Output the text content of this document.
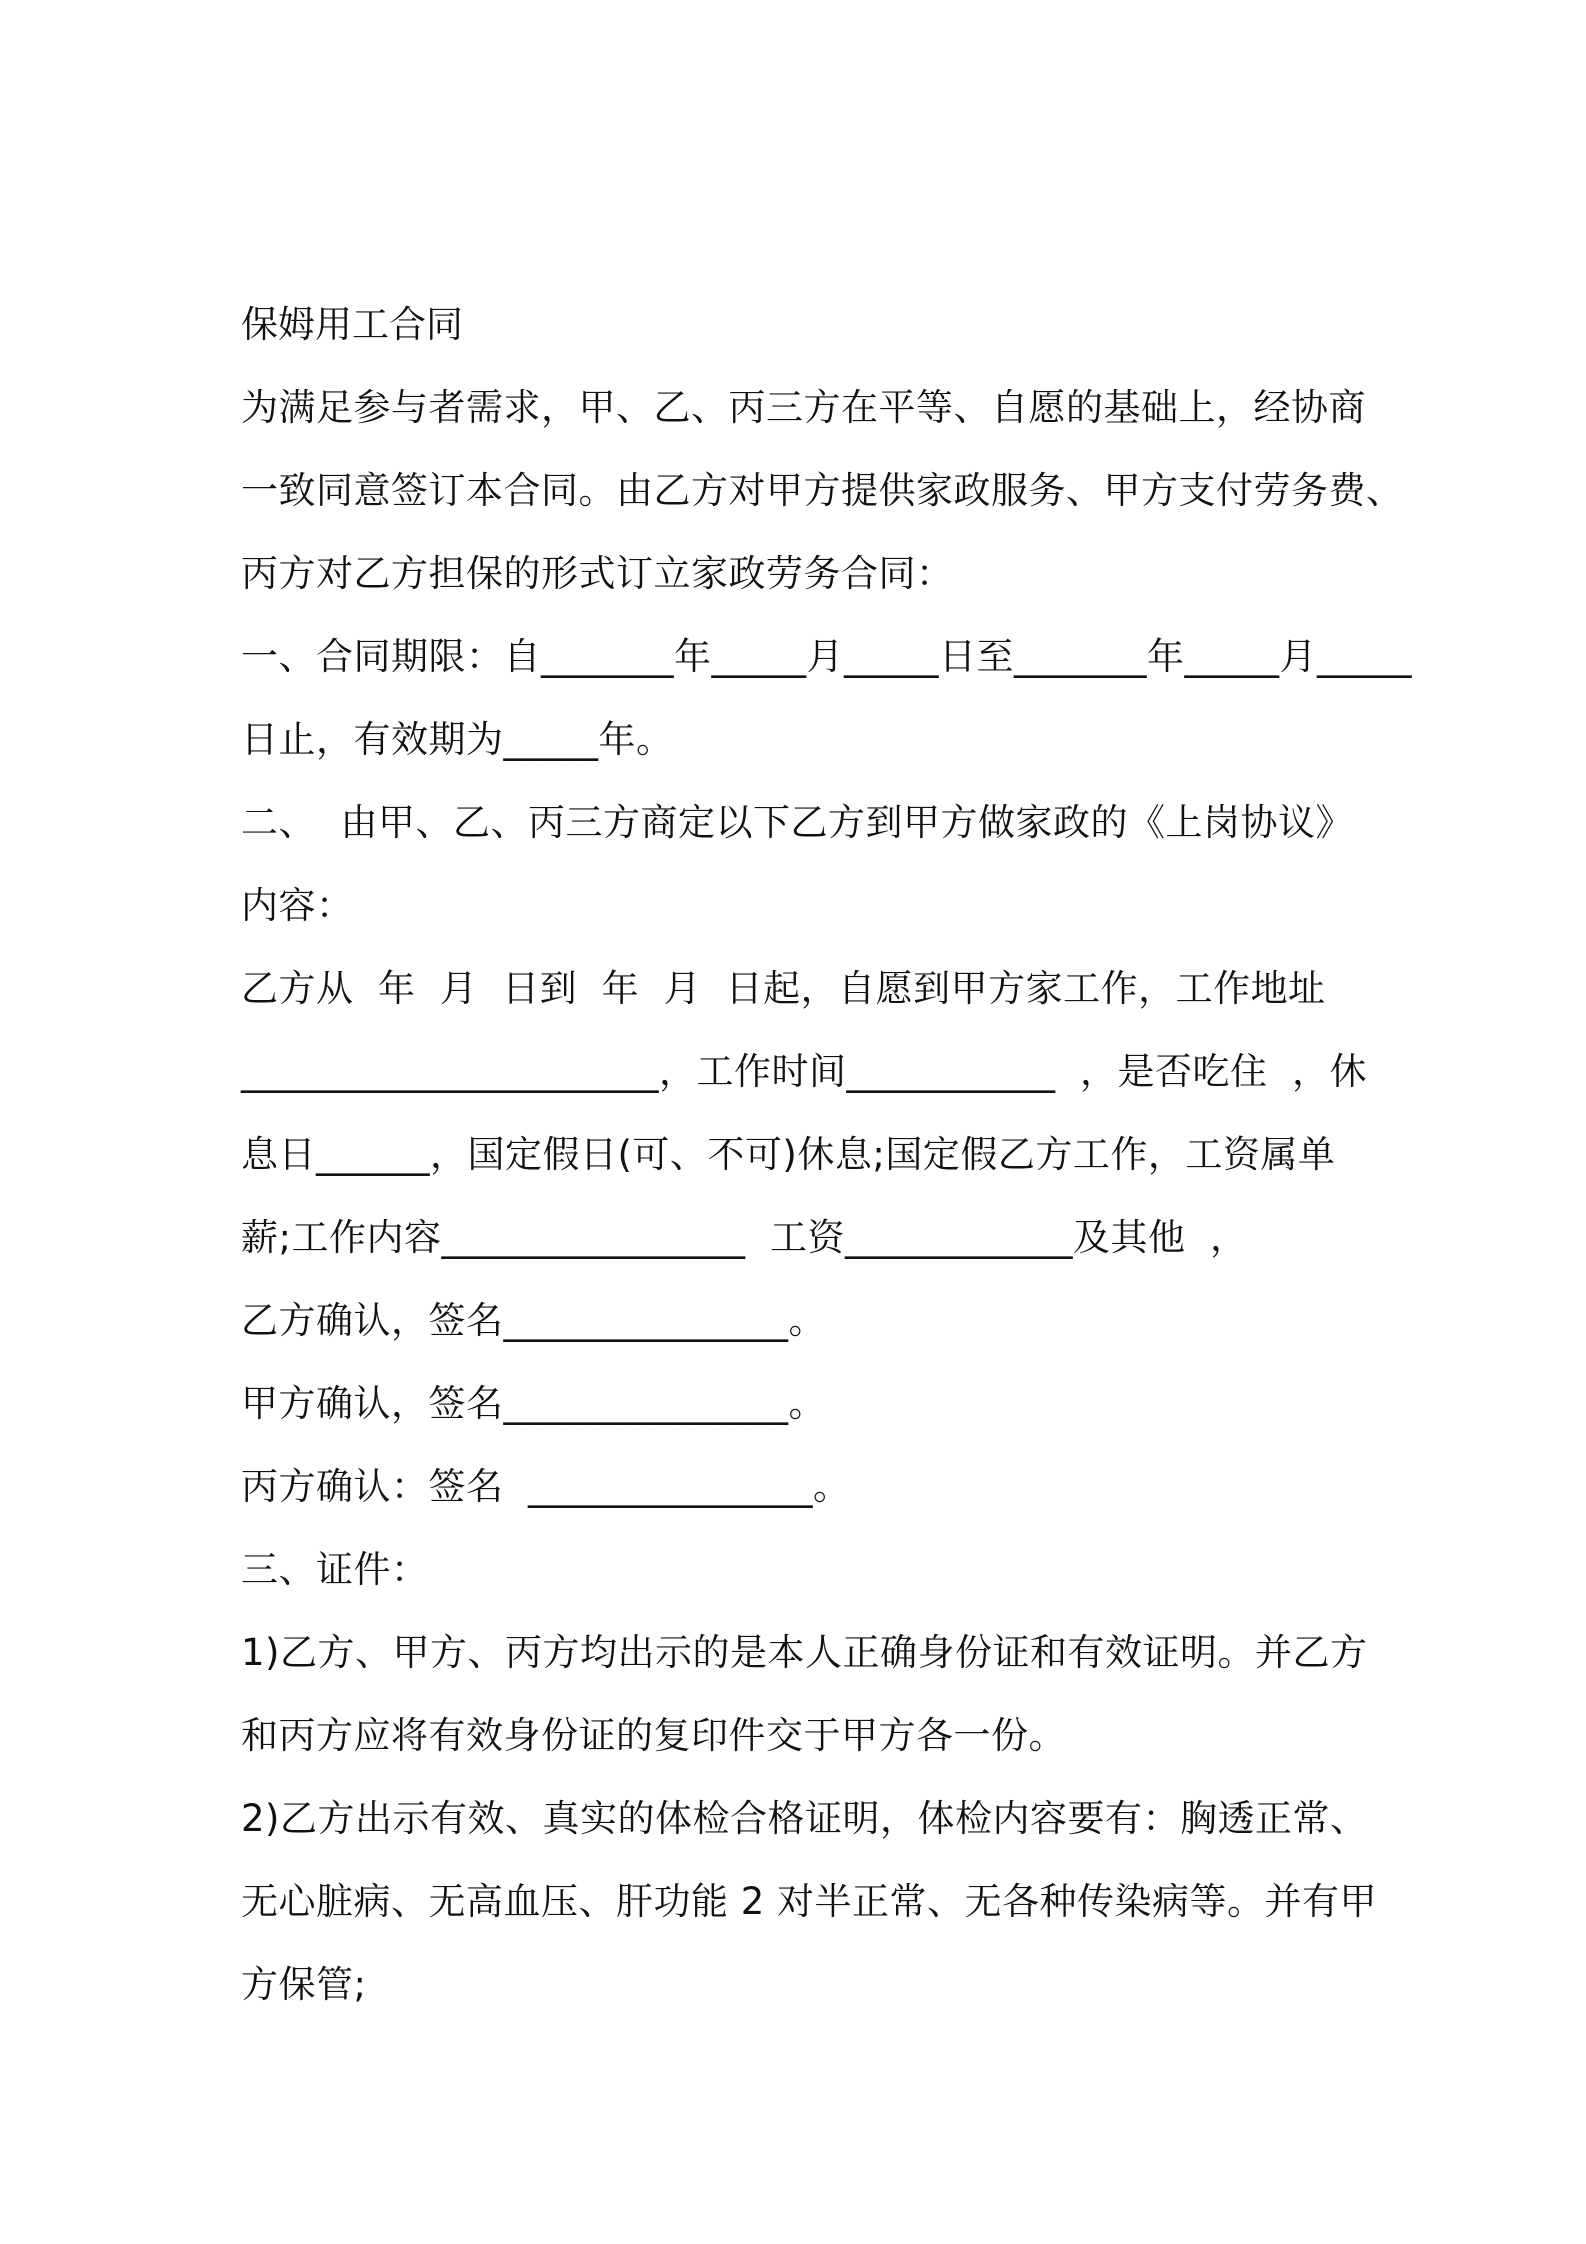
保姆用工合同
为满足参与者需求，甲、乙、丙三方在平等、自愿的基础上，经协商
一致同意签订本合同。由乙方对甲方提供家政服务、甲方支付劳务费、
丙方对乙方担保的形式订立家政劳务合同：
一、合同期限：自_______年_____月_____日至_______年_____月_____
日止，有效期为_____年。
二、  由甲、乙、丙三方商定以下乙方到甲方做家政的《上岗协议》
内容：
乙方从  年  月  日到  年  月  日起，自愿到甲方家工作，工作地址
______________________，工作时间___________  ，是否吃住  ，休
息日______，国定假日(可、不可)休息;国定假乙方工作，工资属单
薪;工作内容________________  工资____________及其他  ，
乙方确认，签名_______________。
甲方确认，签名_______________。
丙方确认：签名  _______________。
三、证件：
1)乙方、甲方、丙方均出示的是本人正确身份证和有效证明。并乙方
和丙方应将有效身份证的复印件交于甲方各一份。
2)乙方出示有效、真实的体检合格证明，体检内容要有：胸透正常、
无心脏病、无高血压、肝功能 2 对半正常、无各种传染病等。并有甲
方保管;
